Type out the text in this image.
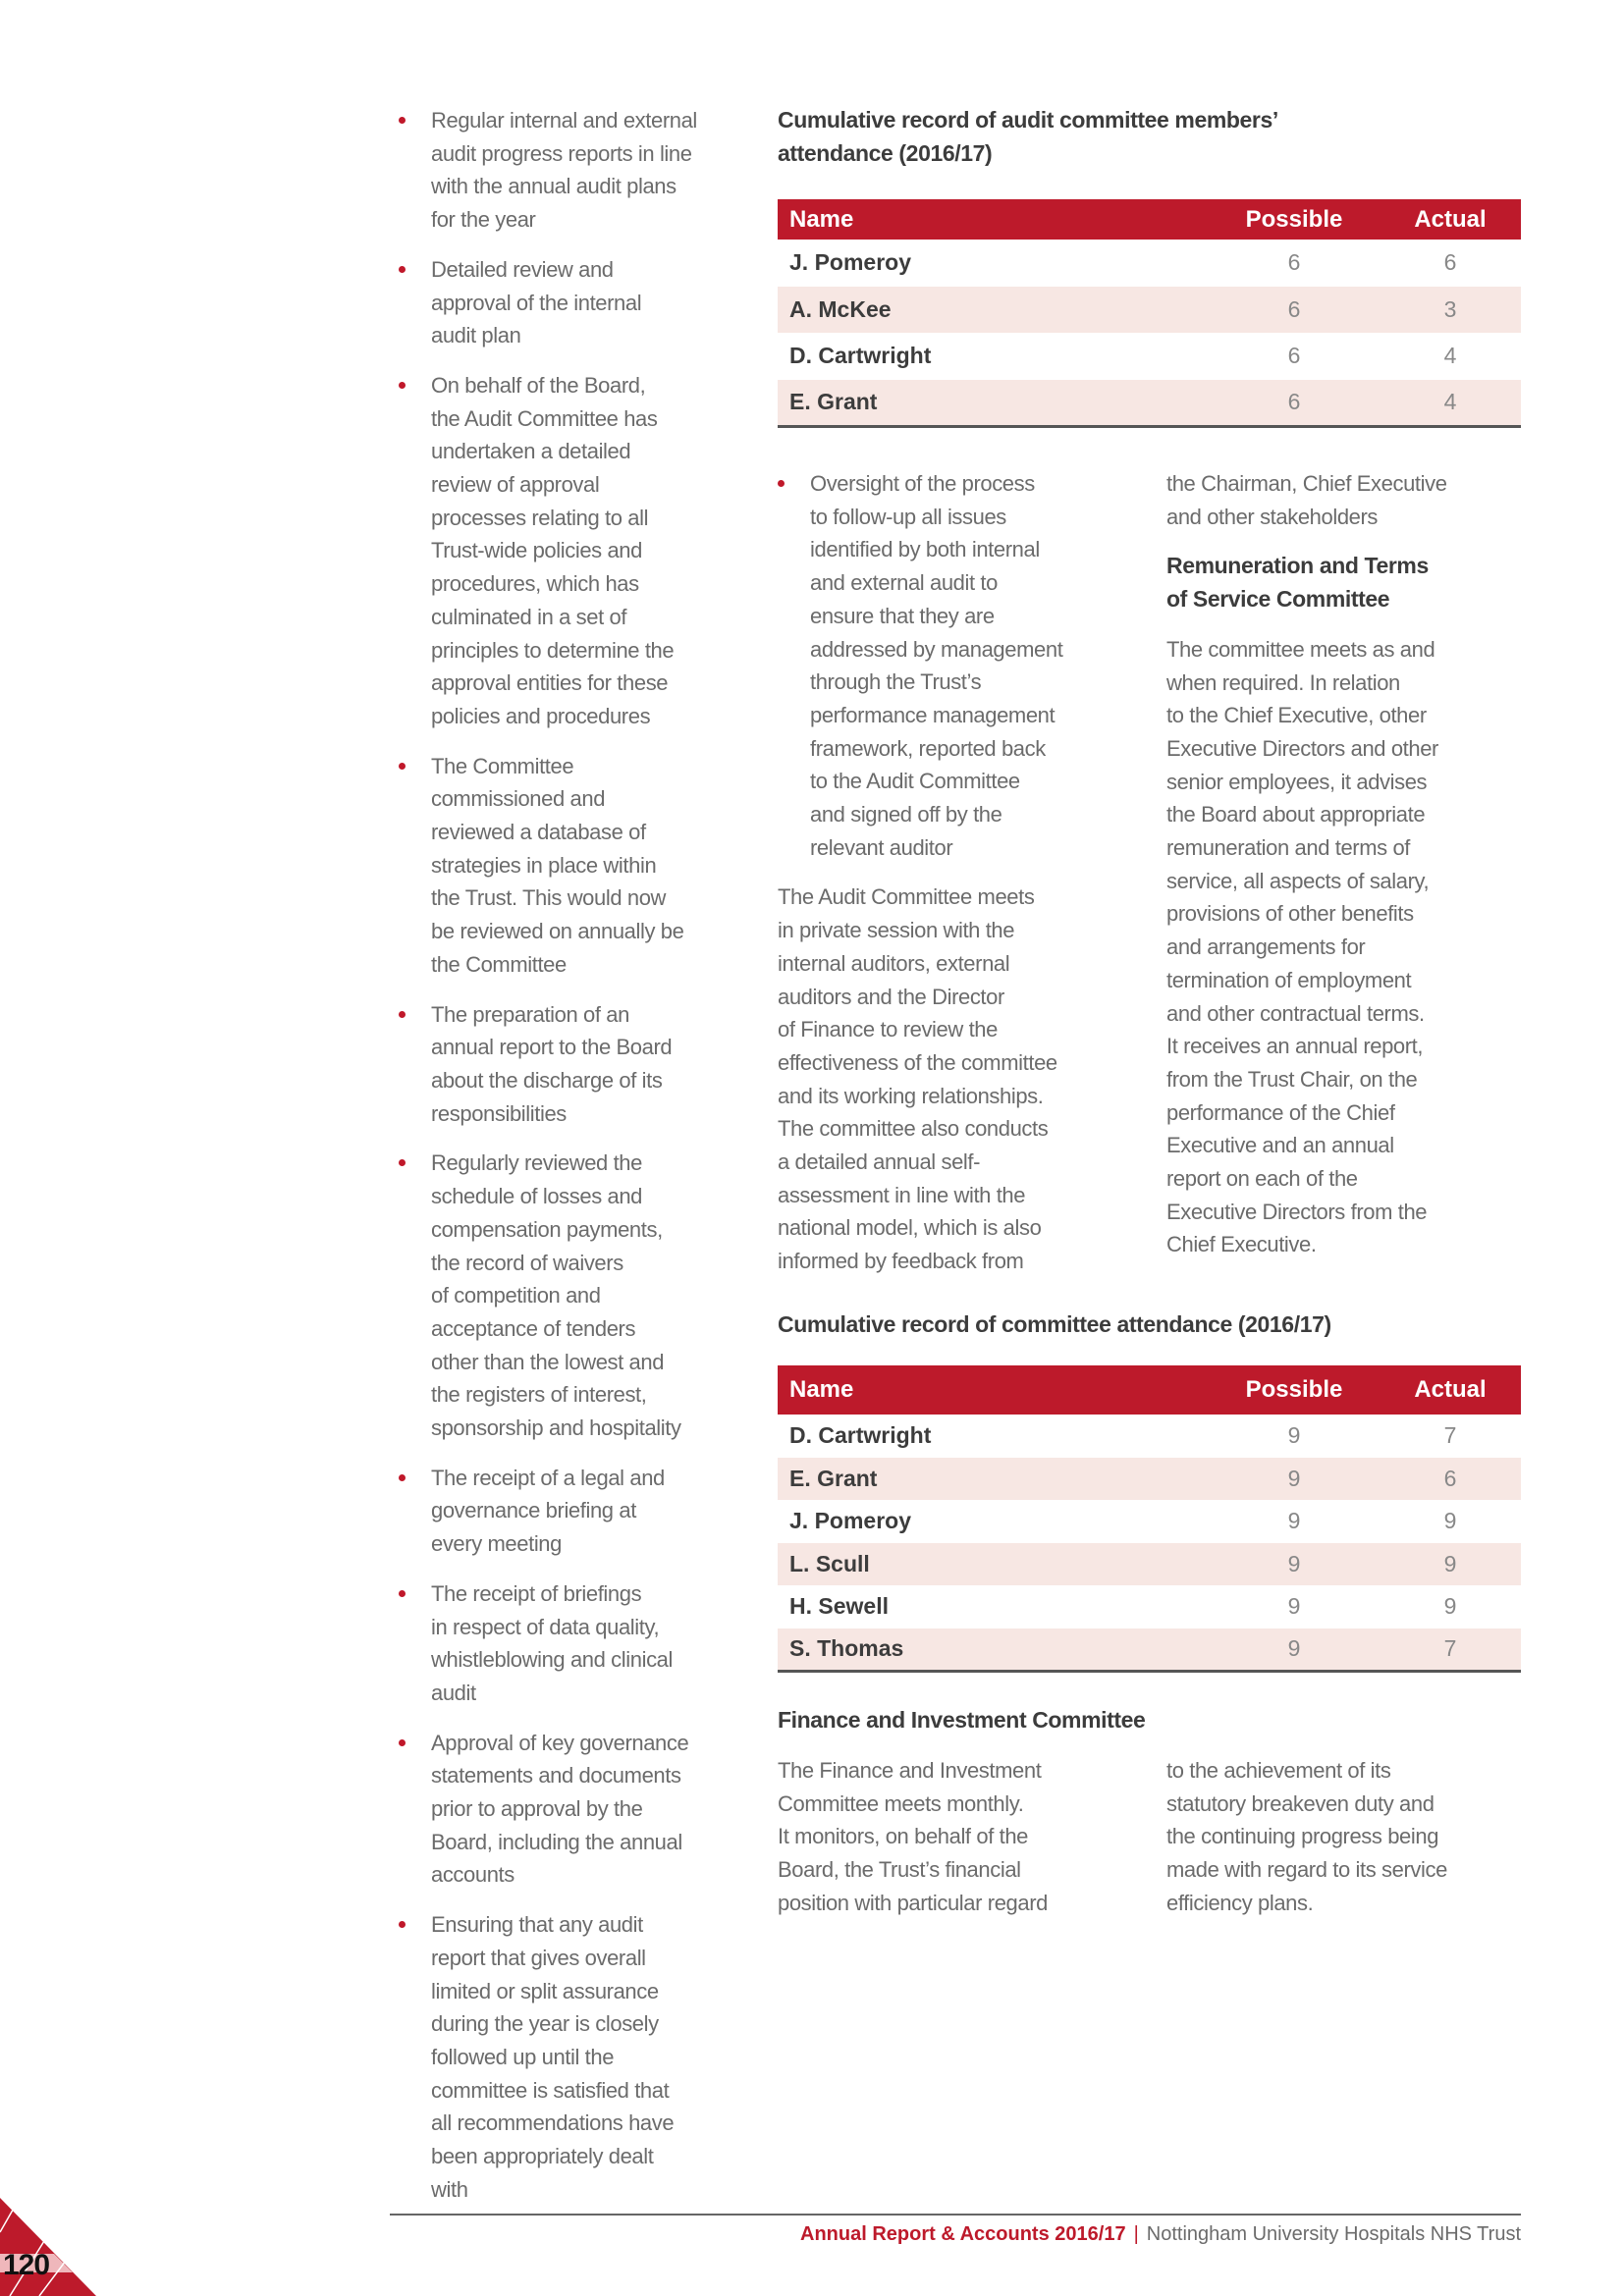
Regular internal and external
audit progress reports in line
with the annual audit plans
for the year
Detailed review and
approval of the internal
audit plan
On behalf of the Board,
the Audit Committee has
undertaken a detailed
review of approval
processes relating to all
Trust-wide policies and
procedures, which has
culminated in a set of
principles to determine the
approval entities for these
policies and procedures
The Committee
commissioned and
reviewed a database of
strategies in place within
the Trust. This would now
be reviewed on annually be
the Committee
The preparation of an
annual report to the Board
about the discharge of its
responsibilities
Regularly reviewed the
schedule of losses and
compensation payments,
the record of waivers
of competition and
acceptance of tenders
other than the lowest and
the registers of interest,
sponsorship and hospitality
The receipt of a legal and
governance briefing at
every meeting
The receipt of briefings
in respect of data quality,
whistleblowing and clinical
audit
Approval of key governance
statements and documents
prior to approval by the
Board, including the annual
accounts
Ensuring that any audit
report that gives overall
limited or split assurance
during the year is closely
followed up until the
committee is satisfied that
all recommendations have
been appropriately dealt
with
Cumulative record of audit committee members’
attendance (2016/17)
Name	Possible	Actual
J. Pomeroy	6	6
A. McKee	6	3
D. Cartwright	6	4
E. Grant	6	4
Oversight of the process
to follow-up all issues
identified by both internal
and external audit to
ensure that they are
addressed by management
through the Trust’s
performance management
framework, reported back
to the Audit Committee
and signed off by the
relevant auditor
The Audit Committee meets
in private session with the
internal auditors, external
auditors and the Director
of Finance to review the
effectiveness of the committee
and its working relationships.
The committee also conducts
a detailed annual self-
assessment in line with the
national model, which is also
informed by feedback from
the Chairman, Chief Executive
and other stakeholders
Remuneration and Terms
of Service Committee
The committee meets as and
when required. In relation
to the Chief Executive, other
Executive Directors and other
senior employees, it advises
the Board about appropriate
remuneration and terms of
service, all aspects of salary,
provisions of other benefits
and arrangements for
termination of employment
and other contractual terms.
It receives an annual report,
from the Trust Chair, on the
performance of the Chief
Executive and an annual
report on each of the
Executive Directors from the
Chief Executive.
Cumulative record of committee attendance (2016/17)
Name	Possible	Actual
D. Cartwright	9	7
E. Grant	9	6
J. Pomeroy	9	9
L. Scull	9	9
H. Sewell	9	9
S. Thomas	9	7
Finance and Investment Committee
The Finance and Investment
Committee meets monthly.
It monitors, on behalf of the
Board, the Trust’s financial
position with particular regard
to the achievement of its
statutory breakeven duty and
the continuing progress being
made with regard to its service
efficiency plans.
Annual Report & Accounts 2016/17 | Nottingham University Hospitals NHS Trust
120
